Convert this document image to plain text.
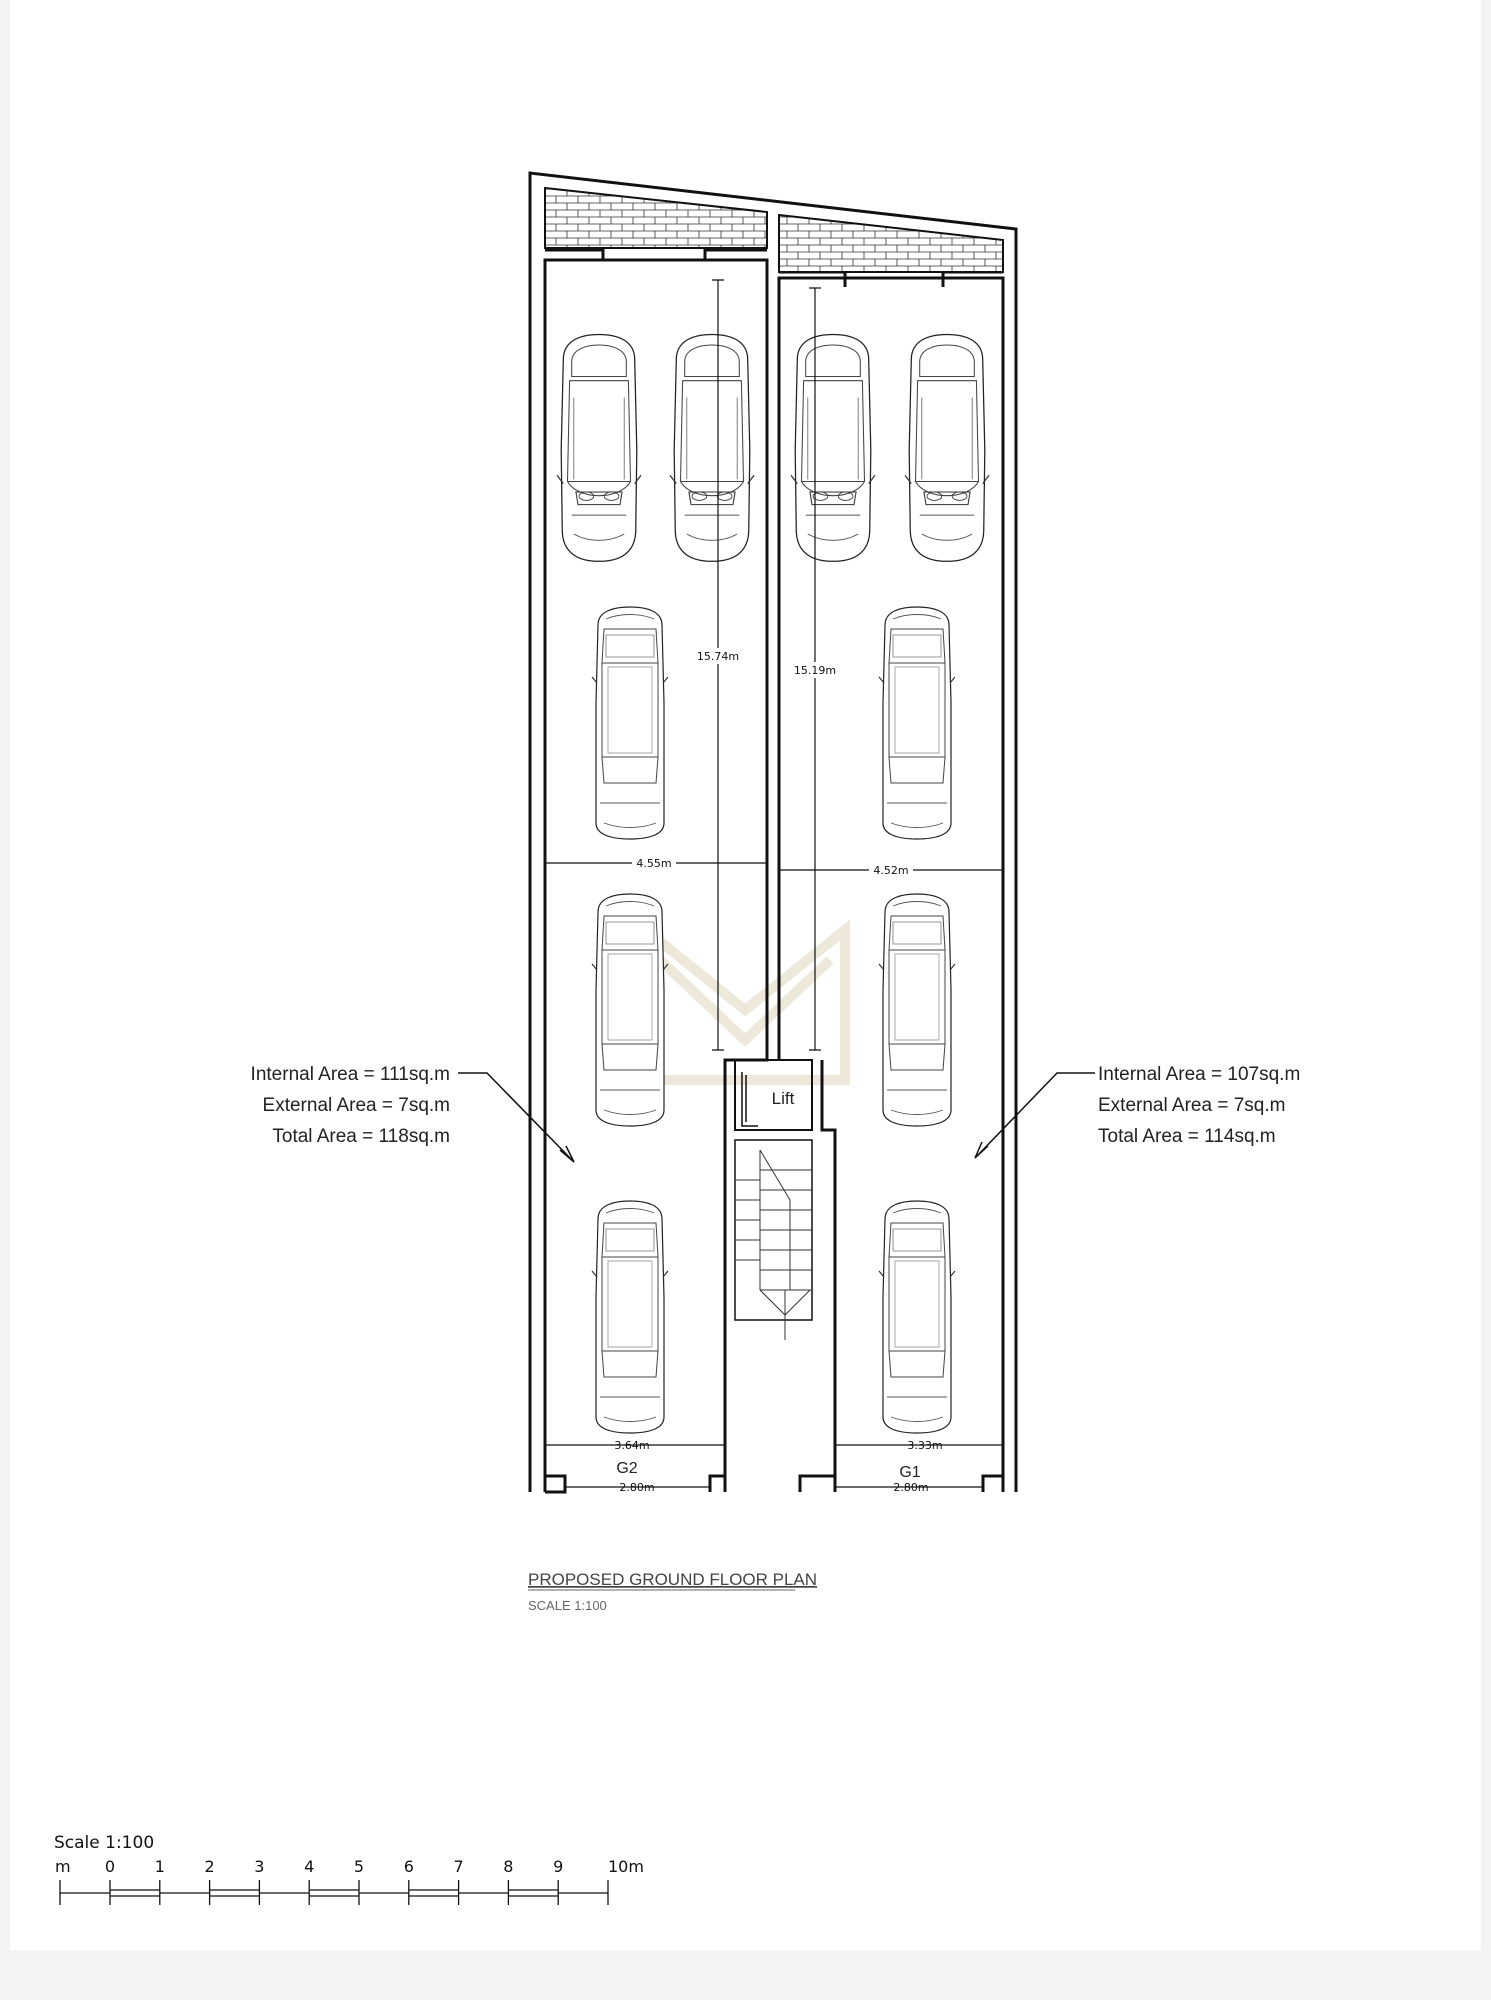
Lift
15.74m
15.19m
4.55m
4.52m
3.64m	3.33m
2.80m	2.80m
G2	G1
Internal Area = 111sq.m
External Area = 7sq.m
Total Area = 118sq.m
Internal Area = 107sq.m
External Area = 7sq.m
Total Area = 114sq.m
PROPOSED GROUND FLOOR PLAN
SCALE 1:100
Scale 1:100
m 0 1 2 3 4 5 6 7 8 9	10m
